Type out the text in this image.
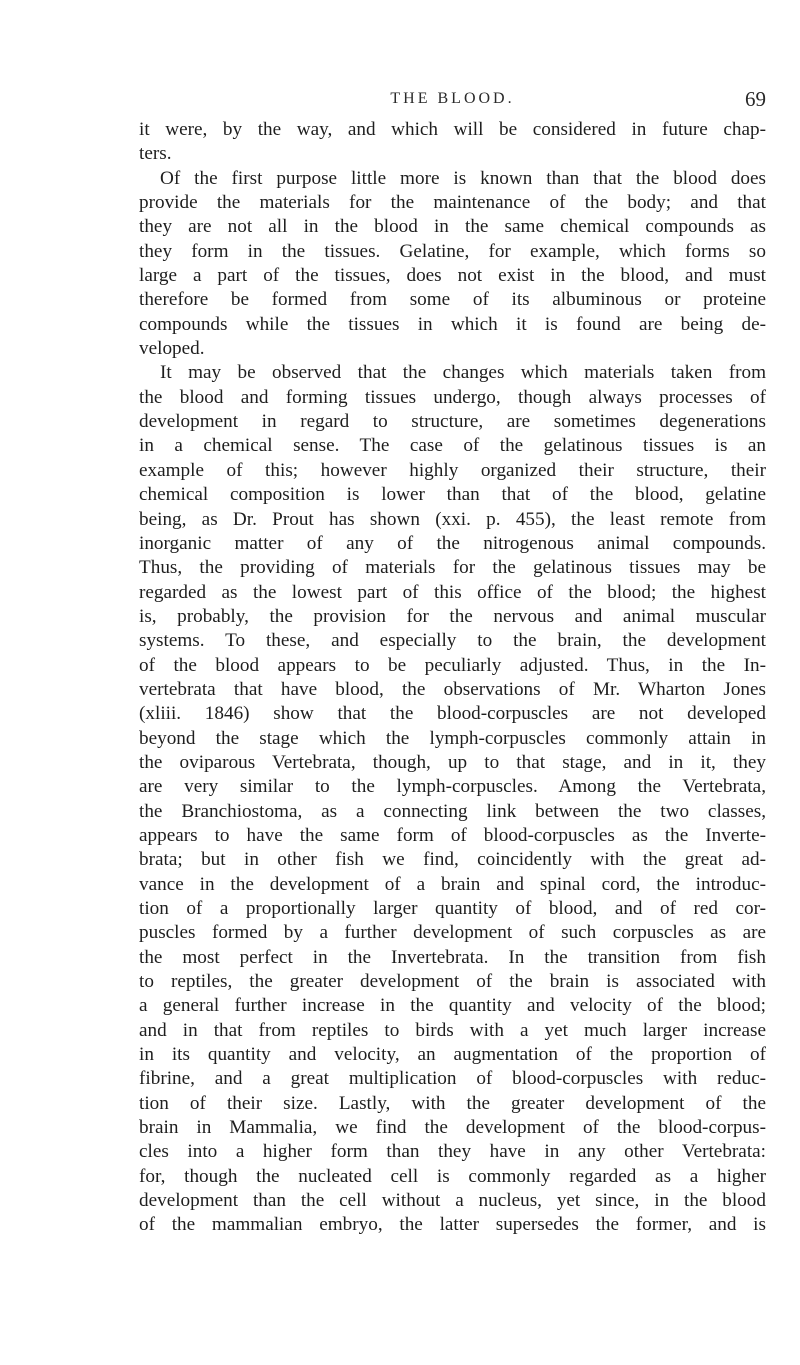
THE BLOOD.	69
it were, by the way, and which will be considered in future chap-
ters.
Of the first purpose little more is known than that the blood does
provide the materials for the maintenance of the body; and that
they are not all in the blood in the same chemical compounds as
they form in the tissues. Gelatine, for example, which forms so
large a part of the tissues, does not exist in the blood, and must
therefore be formed from some of its albuminous or proteine
compounds while the tissues in which it is found are being de-
veloped.
It may be observed that the changes which materials taken from
the blood and forming tissues undergo, though always processes of
development in regard to structure, are sometimes degenerations
in a chemical sense. The case of the gelatinous tissues is an
example of this; however highly organized their structure, their
chemical composition is lower than that of the blood, gelatine
being, as Dr. Prout has shown (xxi. p. 455), the least remote from
inorganic matter of any of the nitrogenous animal compounds.
Thus, the providing of materials for the gelatinous tissues may be
regarded as the lowest part of this office of the blood; the highest
is, probably, the provision for the nervous and animal muscular
systems. To these, and especially to the brain, the development
of the blood appears to be peculiarly adjusted. Thus, in the In-
vertebrata that have blood, the observations of Mr. Wharton Jones
(xliii. 1846) show that the blood-corpuscles are not developed
beyond the stage which the lymph-corpuscles commonly attain in
the oviparous Vertebrata, though, up to that stage, and in it, they
are very similar to the lymph-corpuscles. Among the Vertebrata,
the Branchiostoma, as a connecting link between the two classes,
appears to have the same form of blood-corpuscles as the Inverte-
brata; but in other fish we find, coincidently with the great ad-
vance in the development of a brain and spinal cord, the introduc-
tion of a proportionally larger quantity of blood, and of red cor-
puscles formed by a further development of such corpuscles as are
the most perfect in the Invertebrata. In the transition from fish
to reptiles, the greater development of the brain is associated with
a general further increase in the quantity and velocity of the blood;
and in that from reptiles to birds with a yet much larger increase
in its quantity and velocity, an augmentation of the proportion of
fibrine, and a great multiplication of blood-corpuscles with reduc-
tion of their size. Lastly, with the greater development of the
brain in Mammalia, we find the development of the blood-corpus-
cles into a higher form than they have in any other Vertebrata:
for, though the nucleated cell is commonly regarded as a higher
development than the cell without a nucleus, yet since, in the blood
of the mammalian embryo, the latter supersedes the former, and is
